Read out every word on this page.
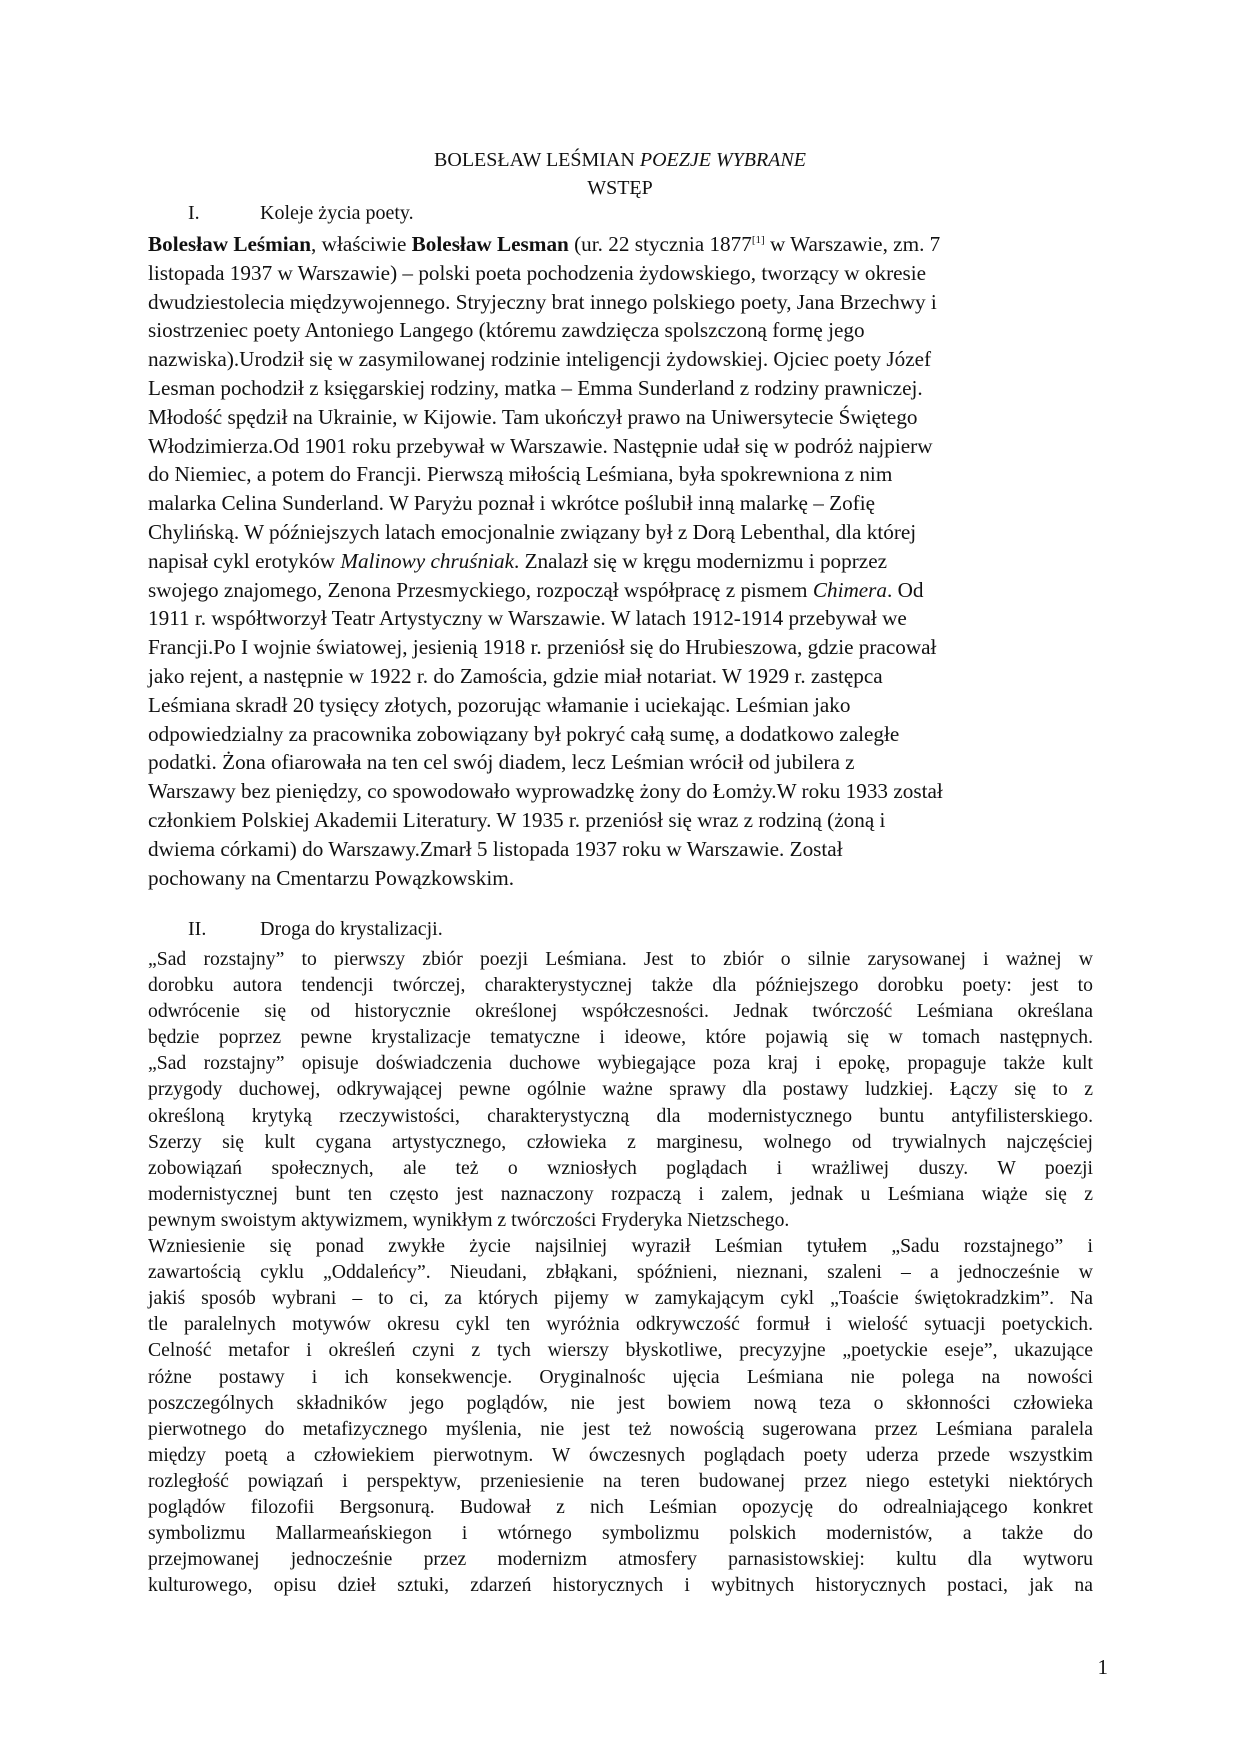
BOLESŁAW LEŚMIAN POEZJE WYBRANE
WSTĘP
I.	Koleje życia poety.
Bolesław Leśmian, właściwie Bolesław Lesman (ur. 22 stycznia 1877[1] w Warszawie, zm. 7
listopada 1937 w Warszawie) – polski poeta pochodzenia żydowskiego, tworzący w okresie
dwudziestolecia międzywojennego. Stryjeczny brat innego polskiego poety, Jana Brzechwy i
siostrzeniec poety Antoniego Langego (któremu zawdzięcza spolszczoną formę jego
nazwiska).Urodził się w zasymilowanej rodzinie inteligencji żydowskiej. Ojciec poety Józef
Lesman pochodził z księgarskiej rodziny, matka – Emma Sunderland z rodziny prawniczej.
Młodość spędził na Ukrainie, w Kijowie. Tam ukończył prawo na Uniwersytecie Świętego
Włodzimierza.Od 1901 roku przebywał w Warszawie. Następnie udał się w podróż najpierw
do Niemiec, a potem do Francji. Pierwszą miłością Leśmiana, była spokrewniona z nim
malarka Celina Sunderland. W Paryżu poznał i wkrótce poślubił inną malarkę – Zofię
Chylińską. W późniejszych latach emocjonalnie związany był z Dorą Lebenthal, dla której
napisał cykl erotyków Malinowy chruśniak. Znalazł się w kręgu modernizmu i poprzez
swojego znajomego, Zenona Przesmyckiego, rozpoczął współpracę z pismem Chimera. Od
1911 r. współtworzył Teatr Artystyczny w Warszawie. W latach 1912-1914 przebywał we
Francji.Po I wojnie światowej, jesienią 1918 r. przeniósł się do Hrubieszowa, gdzie pracował
jako rejent, a następnie w 1922 r. do Zamościa, gdzie miał notariat. W 1929 r. zastępca
Leśmiana skradł 20 tysięcy złotych, pozorując włamanie i uciekając. Leśmian jako
odpowiedzialny za pracownika zobowiązany był pokryć całą sumę, a dodatkowo zaległe
podatki. Żona ofiarowała na ten cel swój diadem, lecz Leśmian wrócił od jubilera z
Warszawy bez pieniędzy, co spowodowało wyprowadzkę żony do Łomży.W roku 1933 został
członkiem Polskiej Akademii Literatury. W 1935 r. przeniósł się wraz z rodziną (żoną i
dwiema córkami) do Warszawy.Zmarł 5 listopada 1937 roku w Warszawie. Został
pochowany na Cmentarzu Powązkowskim.
II.	Droga do krystalizacji.
„Sad rozstajny” to pierwszy zbiór poezji Leśmiana. Jest to zbiór o silnie zarysowanej i ważnej w
dorobku autora tendencji twórczej, charakterystycznej także dla późniejszego dorobku poety: jest to
odwrócenie się od historycznie określonej współczesności. Jednak twórczość Leśmiana określana
będzie poprzez pewne krystalizacje tematyczne i ideowe, które pojawią się w tomach następnych.
„Sad rozstajny” opisuje doświadczenia duchowe wybiegające poza kraj i epokę, propaguje także kult
przygody duchowej, odkrywającej pewne ogólnie ważne sprawy dla postawy ludzkiej. Łączy się to z
określoną krytyką rzeczywistości, charakterystyczną dla modernistycznego buntu antyfilisterskiego.
Szerzy się kult cygana artystycznego, człowieka z marginesu, wolnego od trywialnych najczęściej
zobowiązań społecznych, ale też o wzniosłych poglądach i wrażliwej duszy. W poezji
modernistycznej bunt ten często jest naznaczony rozpaczą i zalem, jednak u Leśmiana wiąże się z
pewnym swoistym aktywizmem, wynikłym z twórczości Fryderyka Nietzschego.
Wzniesienie się ponad zwykłe życie najsilniej wyraził Leśmian tytułem „Sadu rozstajnego” i
zawartością cyklu „Oddaleńcy”. Nieudani, zbłąkani, spóźnieni, nieznani, szaleni – a jednocześnie w
jakiś sposób wybrani – to ci, za których pijemy w zamykającym cykl „Toaście świętokradzkim”. Na
tle paralelnych motywów okresu cykl ten wyróżnia odkrywczość formuł i wielość sytuacji poetyckich.
Celność metafor i określeń czyni z tych wierszy błyskotliwe, precyzyjne „poetyckie eseje”, ukazujące
różne postawy i ich konsekwencje. Oryginalnośc ujęcia Leśmiana nie polega na nowości
poszczególnych składników jego poglądów, nie jest bowiem nową teza o skłonności człowieka
pierwotnego do metafizycznego myślenia, nie jest też nowością sugerowana przez Leśmiana paralela
między poetą a człowiekiem pierwotnym. W ówczesnych poglądach poety uderza przede wszystkim
rozległość powiązań i perspektyw, przeniesienie na teren budowanej przez niego estetyki niektórych
poglądów filozofii Bergsonurą. Budował z nich Leśmian opozycję do odrealniającego konkret
symbolizmu Mallarmeańskiegon i wtórnego symbolizmu polskich modernistów, a także do
przejmowanej jednocześnie przez modernizm atmosfery parnasistowskiej: kultu dla wytworu
kulturowego, opisu dzieł sztuki, zdarzeń historycznych i wybitnych historycznych postaci, jak na
1
